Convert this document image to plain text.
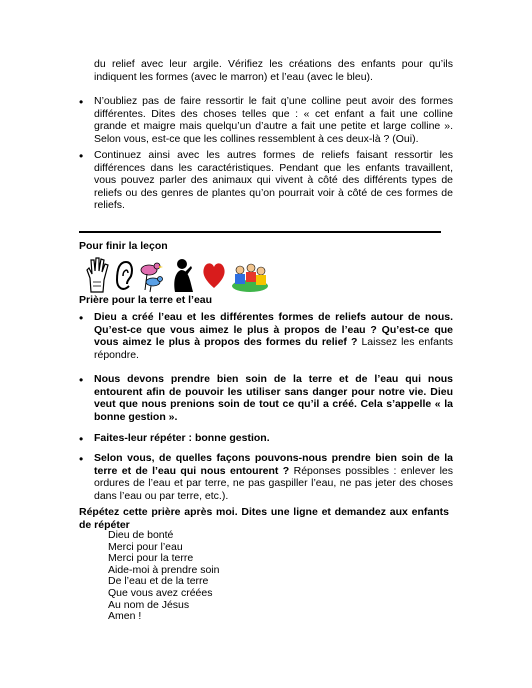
du relief avec leur argile. Vérifiez les créations des enfants pour qu’ils indiquent les formes (avec le marron) et l’eau (avec le bleu).

• N’oubliez pas de faire ressortir le fait q’une colline peut avoir des formes différentes. Dites des choses telles que : « cet enfant a fait une colline grande et maigre mais quelqu’un d’autre a fait une petite et large colline ». Selon vous, est-ce que les collines ressemblent à ces deux-là ? (Oui).

• Continuez ainsi avec les autres formes de reliefs faisant ressortir les différences dans les caractéristiques. Pendant que les enfants travaillent, vous pouvez parler des animaux qui vivent à côté des différents types de reliefs ou des genres de plantes qu’on pourrait voir à côté de ces formes de reliefs.

Pour finir la leçon

Prière pour la terre et l’eau

• Dieu a créé l’eau et les différentes formes de reliefs autour de nous. Qu’est-ce que vous aimez le plus à propos de l’eau ? Qu’est-ce que vous aimez le plus à propos des formes du relief ? Laissez les enfants répondre.

• Nous devons prendre bien soin de la terre et de l’eau qui nous entourent afin de pouvoir les utiliser sans danger pour notre vie. Dieu veut que nous prenions soin de tout ce qu’il a créé. Cela s’appelle « la bonne gestion ».

• Faites-leur répéter : bonne gestion.

• Selon vous, de quelles façons pouvons-nous prendre bien soin de la terre et de l’eau qui nous entourent ? Réponses possibles : enlever les ordures de l’eau et par terre, ne pas gaspiller l’eau, ne pas jeter des choses dans l’eau ou par terre, etc.).

Répétez cette prière après moi. Dites une ligne et demandez aux enfants de répéter

Dieu de bonté
Merci pour l’eau
Merci pour la terre
Aide-moi à prendre soin
De l’eau et de la terre
Que vous avez créées
Au nom de Jésus
Amen !
